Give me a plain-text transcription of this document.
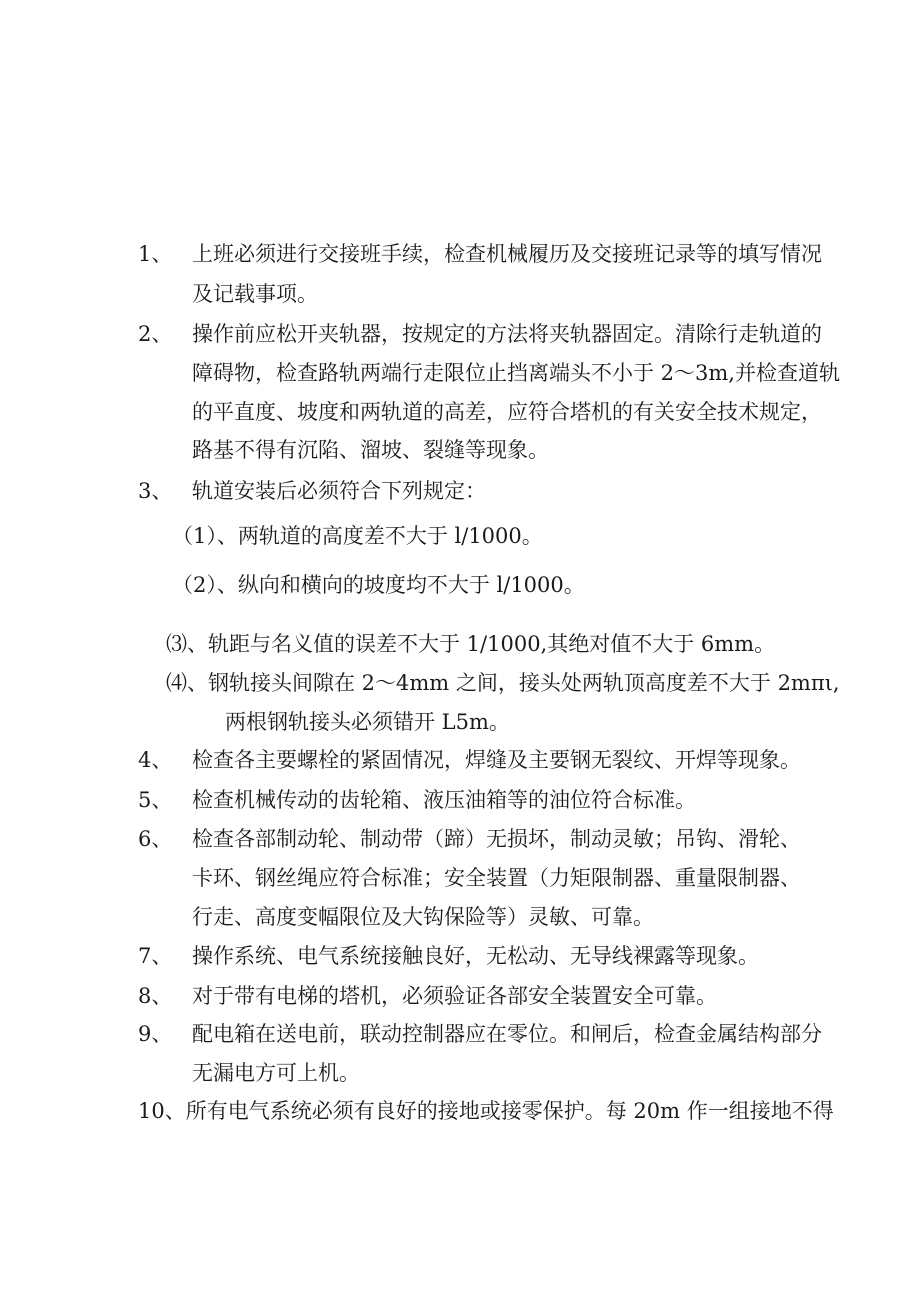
1、 上班必须进行交接班手续，检查机械履历及交接班记录等的填写情况
及记载事项。
2、 操作前应松开夹轨器，按规定的方法将夹轨器固定。清除行走轨道的
障碍物，检查路轨两端行走限位止挡离端头不小于 2～3m,并检查道轨
的平直度、坡度和两轨道的高差，应符合塔机的有关安全技术规定，
路基不得有沉陷、溜坡、裂缝等现象。
3、 轨道安装后必须符合下列规定：
（1）、两轨道的高度差不大于 l/1000。
（2）、纵向和横向的坡度均不大于 l/1000。
⑶、轨距与名义值的误差不大于 1/1000,其绝对值不大于 6mm。
⑷、钢轨接头间隙在 2～4mm 之间，接头处两轨顶高度差不大于 2mπι,
两根钢轨接头必须错开 L5m。
4、 检查各主要螺栓的紧固情况，焊缝及主要钢无裂纹、开焊等现象。
5、 检查机械传动的齿轮箱、液压油箱等的油位符合标准。
6、 检查各部制动轮、制动带（蹄）无损坏，制动灵敏；吊钩、滑轮、
卡环、钢丝绳应符合标准；安全装置（力矩限制器、重量限制器、
行走、高度变幅限位及大钩保险等）灵敏、可靠。
7、 操作系统、电气系统接触良好，无松动、无导线裸露等现象。
8、 对于带有电梯的塔机，必须验证各部安全装置安全可靠。
9、 配电箱在送电前，联动控制器应在零位。和闸后，检查金属结构部分
无漏电方可上机。
10、所有电气系统必须有良好的接地或接零保护。每 20m 作一组接地不得
